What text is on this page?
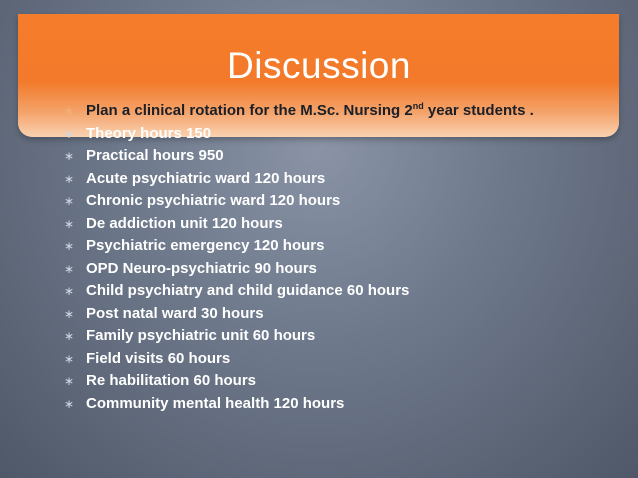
Discussion
∗ Plan a clinical rotation for the M.Sc. Nursing 2nd year students .
∗ Theory hours 150
∗ Practical hours 950
∗ Acute psychiatric ward 120 hours
∗ Chronic psychiatric ward 120 hours
∗ De addiction unit 120 hours
∗ Psychiatric emergency 120 hours
∗ OPD Neuro-psychiatric 90 hours
∗ Child psychiatry and child guidance 60 hours
∗ Post natal ward 30 hours
∗ Family psychiatric unit 60 hours
∗ Field visits 60 hours
∗ Re habilitation 60 hours
∗ Community mental health 120 hours
